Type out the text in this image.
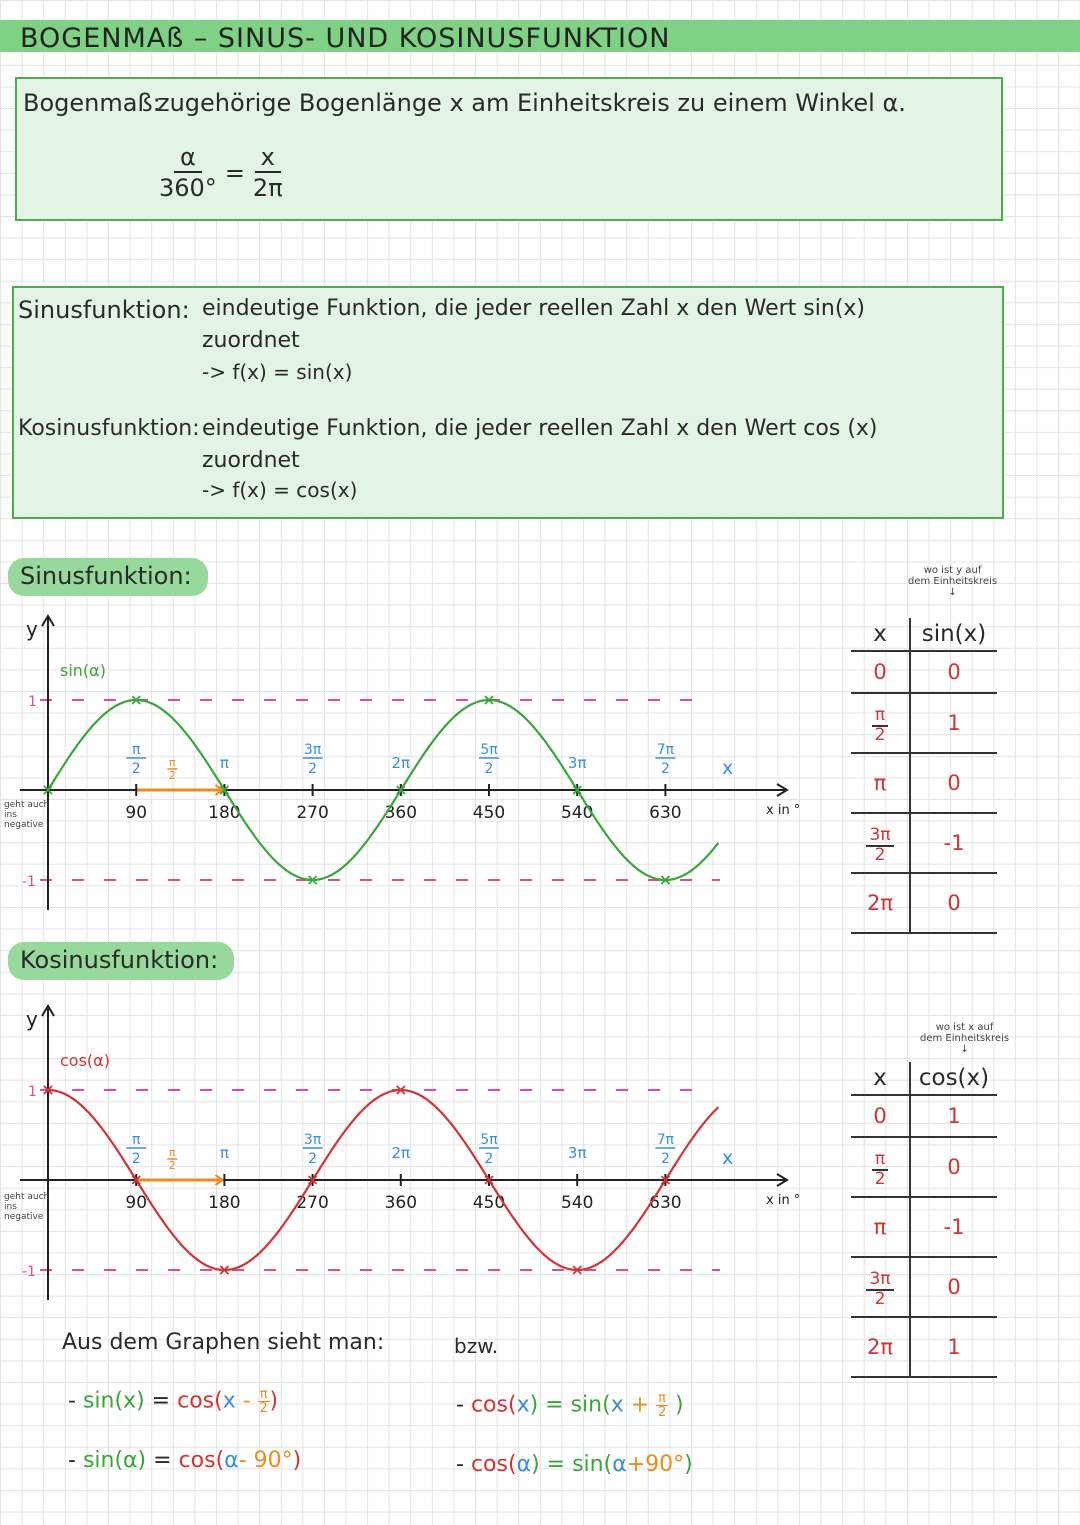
BOGENMAß – SINUS- UND KOSINUSFUNKTION
Bogenmaß:
zugehörige Bogenlänge x am Einheitskreis zu einem Winkel α.
$\frac{\alpha}{360^\circ} = \frac{x}{2\pi}$
Sinusfunktion: eindeutige Funktion, die jeder reellen Zahl x den Wert sin(x)
zuordnet
-> f(x) = sin(x)
Kosinusfunktion: eindeutige Funktion, die jeder reellen Zahl x den Wert cos (x)
zuordnet
-> f(x) = cos(x)
Sinusfunktion:
y
1
-1
x in °
x
sin(α)
π
2
90
π
2
180
π
270
3π
2
360
2π
450
5π
2
540
3π
630
7π
2
geht auch
ins
negative
wo ist y auf
dem Einheitskreis
↓
x	sin(x)
0	0

$\frac{\pi}{2}$	1
π	0

$\frac{3\pi}{2}$	-1
2π	0
Kosinusfunktion:
y
1
-1
x in °
x
cos(α)
π
2
90
π
2
180
π
270
3π
2
360
2π
450
5π
2
540
3π
630
7π
2
geht auch
ins
negative
wo ist x auf
dem Einheitskreis
↓
x	cos(x)
0	1

$\frac{\pi}{2}$	0
π	-1

$\frac{3\pi}{2}$	0
2π	1
Aus dem Graphen sieht man:	bzw.
- $\sin(x) = \cos(x - \frac{\pi}{2}$ )
- sin(α) = cos(α- 90°)
- $\cos(x) = \sin(x + \frac{\pi}{2}$ )
- cos(α) = sin(α+90°)
